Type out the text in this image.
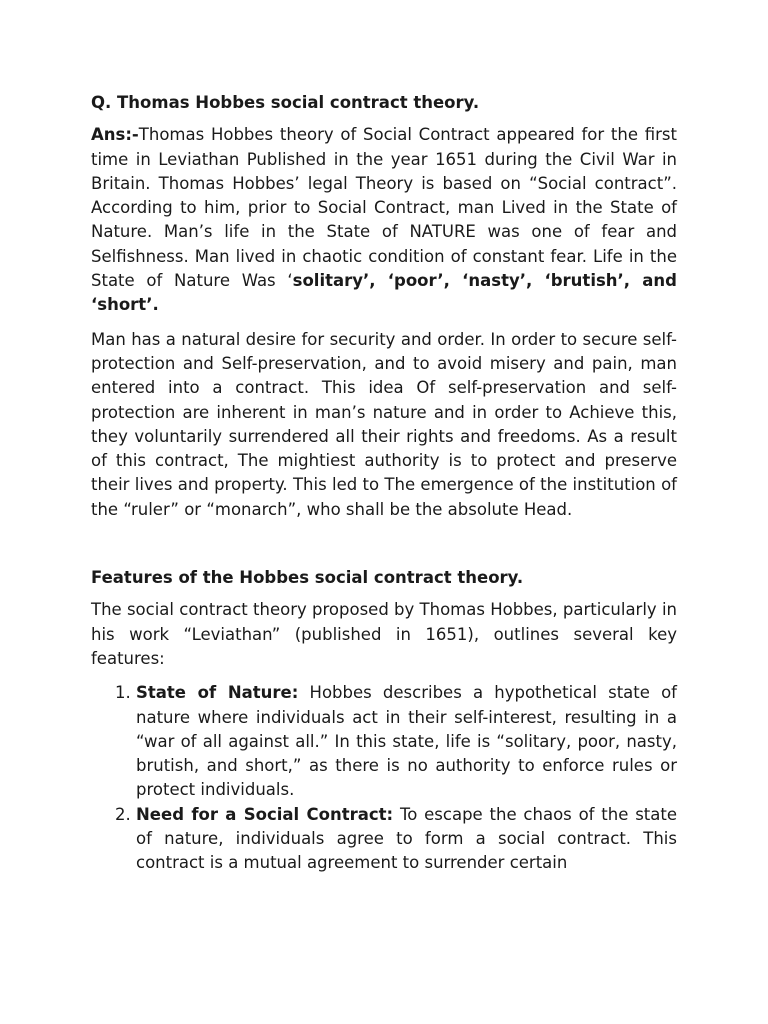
Q. Thomas Hobbes social contract theory.

Ans:-Thomas Hobbes theory of Social Contract appeared for the first time in Leviathan Published in the year 1651 during the Civil War in Britain. Thomas Hobbes’ legal Theory is based on “Social contract”. According to him, prior to Social Contract, man Lived in the State of Nature. Man’s life in the State of NATURE was one of fear and Selfishness. Man lived in chaotic condition of constant fear. Life in the State of Nature Was ‘solitary’, ‘poor’, ‘nasty’, ‘brutish’, and ‘short’.

Man has a natural desire for security and order. In order to secure self-protection and Self-preservation, and to avoid misery and pain, man entered into a contract. This idea Of self-preservation and self-protection are inherent in man’s nature and in order to Achieve this, they voluntarily surrendered all their rights and freedoms. As a result of this contract, The mightiest authority is to protect and preserve their lives and property. This led to The emergence of the institution of the “ruler” or “monarch”, who shall be the absolute Head.

Features of the Hobbes social contract theory.

The social contract theory proposed by Thomas Hobbes, particularly in his work “Leviathan” (published in 1651), outlines several key features:

1. State of Nature: Hobbes describes a hypothetical state of nature where individuals act in their self-interest, resulting in a “war of all against all.” In this state, life is “solitary, poor, nasty, brutish, and short,” as there is no authority to enforce rules or protect individuals.
2. Need for a Social Contract: To escape the chaos of the state of nature, individuals agree to form a social contract. This contract is a mutual agreement to surrender certain
